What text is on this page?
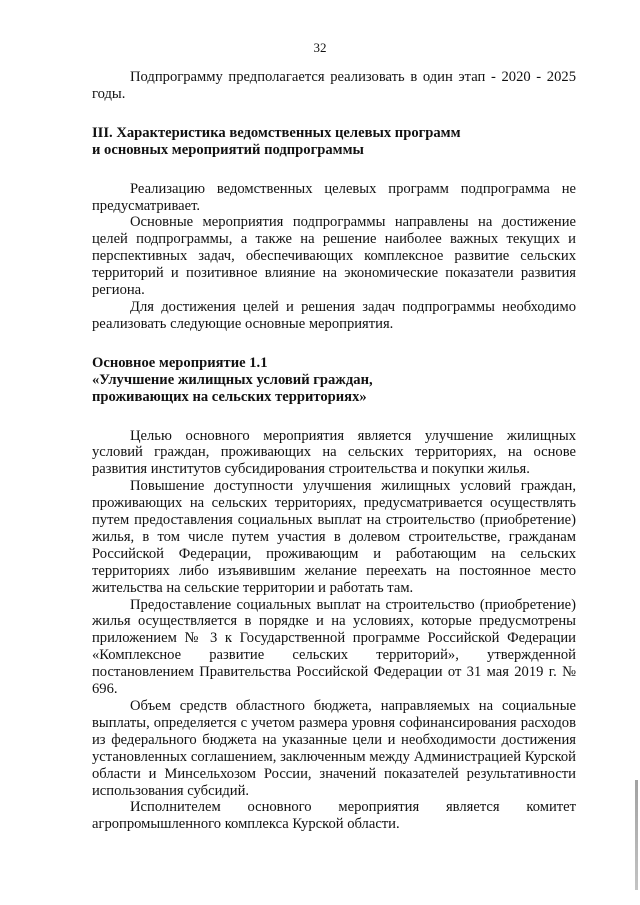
32

Подпрограмму предполагается реализовать в один этап - 2020 - 2025 годы.

III. Характеристика ведомственных целевых программ
и основных мероприятий подпрограммы

Реализацию ведомственных целевых программ подпрограмма не предусматривает.

Основные мероприятия подпрограммы направлены на достижение целей подпрограммы, а также на решение наиболее важных текущих и перспективных задач, обеспечивающих комплексное развитие сельских территорий и позитивное влияние на экономические показатели развития региона.

Для достижения целей и решения задач подпрограммы необходимо реализовать следующие основные мероприятия.

Основное мероприятие 1.1
«Улучшение жилищных условий граждан,
проживающих на сельских территориях»

Целью основного мероприятия является улучшение жилищных условий граждан, проживающих на сельских территориях, на основе развития институтов субсидирования строительства и покупки жилья.

Повышение доступности улучшения жилищных условий граждан, проживающих на сельских территориях, предусматривается осуществлять путем предоставления социальных выплат на строительство (приобретение) жилья, в том числе путем участия в долевом строительстве, гражданам Российской Федерации, проживающим и работающим на сельских территориях либо изъявившим желание переехать на постоянное место жительства на сельские территории и работать там.

Предоставление социальных выплат на строительство (приобретение) жилья осуществляется в порядке и на условиях, которые предусмотрены приложением № 3 к Государственной программе Российской Федерации «Комплексное развитие сельских территорий», утвержденной постановлением Правительства Российской Федерации от 31 мая 2019 г. № 696.

Объем средств областного бюджета, направляемых на социальные выплаты, определяется с учетом размера уровня софинансирования расходов из федерального бюджета на указанные цели и необходимости достижения установленных соглашением, заключенным между Администрацией Курской области и Минсельхозом России, значений показателей результативности использования субсидий.

Исполнителем основного мероприятия является комитет агропромышленного комплекса Курской области.
